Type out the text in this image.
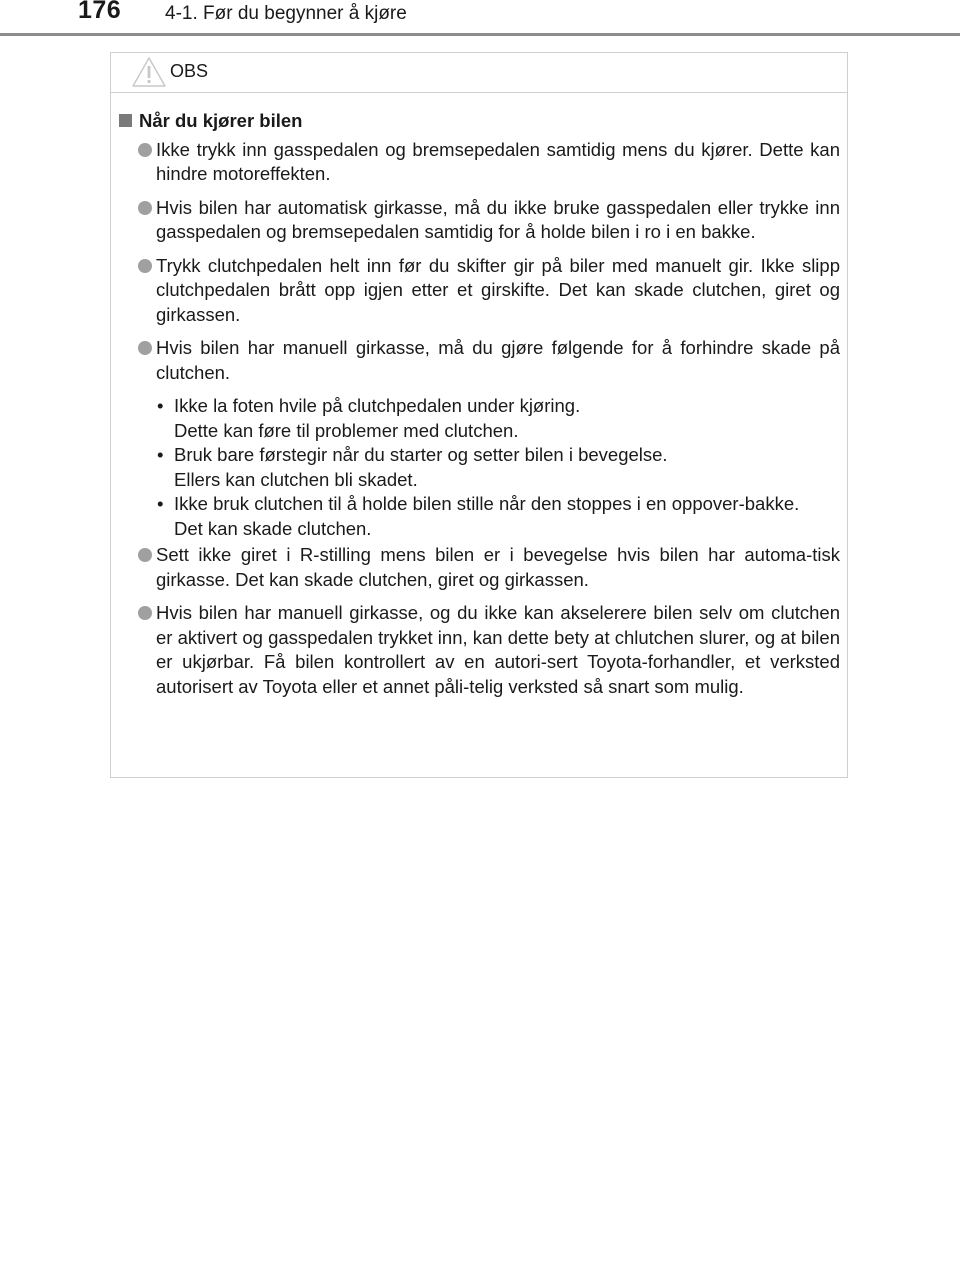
176 4-1. Før du begynner å kjøre
OBS
Når du kjører bilen
Ikke trykk inn gasspedalen og bremsepedalen samtidig mens du kjører. Dette kan hindre motoreffekten.
Hvis bilen har automatisk girkasse, må du ikke bruke gasspedalen eller trykke inn gasspedalen og bremsepedalen samtidig for å holde bilen i ro i en bakke.
Trykk clutchpedalen helt inn før du skifter gir på biler med manuelt gir. Ikke slipp clutchpedalen brått opp igjen etter et girskifte. Det kan skade clutchen, giret og girkassen.
Hvis bilen har manuell girkasse, må du gjøre følgende for å forhindre skade på clutchen.
• Ikke la foten hvile på clutchpedalen under kjøring.
Dette kan føre til problemer med clutchen.
• Bruk bare førstegir når du starter og setter bilen i bevegelse.
Ellers kan clutchen bli skadet.
• Ikke bruk clutchen til å holde bilen stille når den stoppes i en oppover-bakke.
Det kan skade clutchen.
Sett ikke giret i R-stilling mens bilen er i bevegelse hvis bilen har automa-tisk girkasse. Det kan skade clutchen, giret og girkassen.
Hvis bilen har manuell girkasse, og du ikke kan akselerere bilen selv om clutchen er aktivert og gasspedalen trykket inn, kan dette bety at chlutchen slurer, og at bilen er ukjørbar. Få bilen kontrollert av en autori-sert Toyota-forhandler, et verksted autorisert av Toyota eller et annet påli-telig verksted så snart som mulig.
